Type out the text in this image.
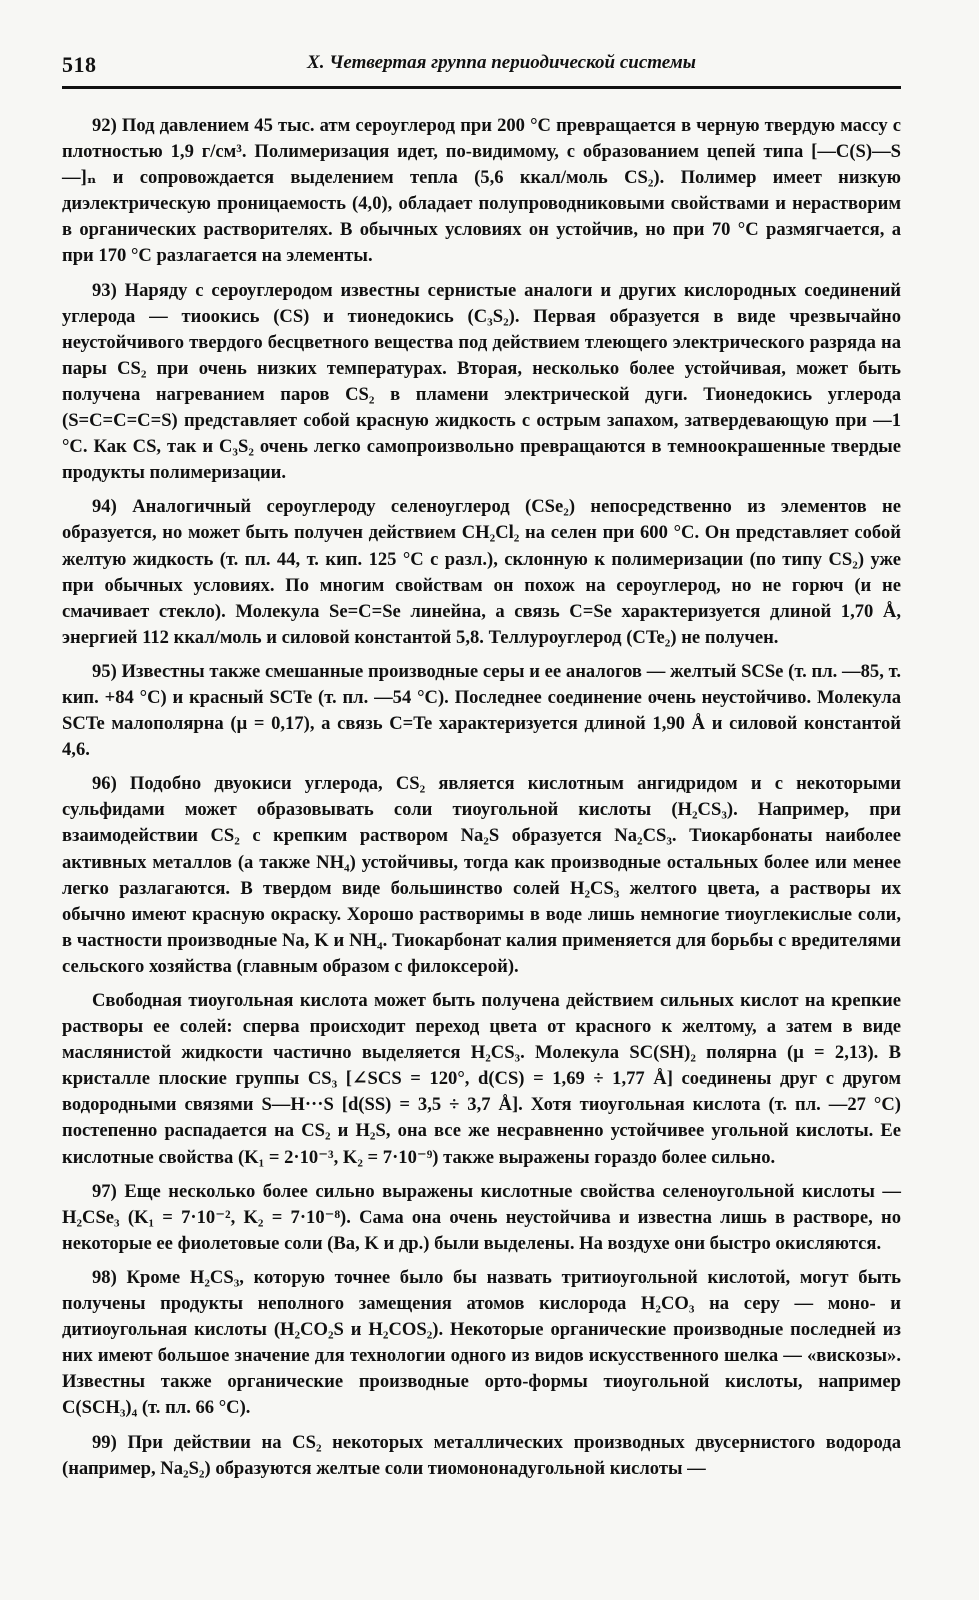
518	X. Четвертая группа периодической системы

92) Под давлением 45 тыс. атм сероуглерод при 200 °С превращается в черную твердую массу с плотностью 1,9 г/см³. Полимеризация идет, по-видимому, с образованием цепей типа [—C(S)—S—]ₙ и сопровождается выделением тепла (5,6 ккал/моль CS₂). Полимер имеет низкую диэлектрическую проницаемость (4,0), обладает полупроводниковыми свойствами и нерастворим в органических растворителях. В обычных условиях он устойчив, но при 70 °С размягчается, а при 170 °С разлагается на элементы.

93) Наряду с сероуглеродом известны сернистые аналоги и других кислородных соединений углерода — тиоокись (CS) и тионедокись (C₃S₂). Первая образуется в виде чрезвычайно неустойчивого твердого бесцветного вещества под действием тлеющего электрического разряда на пары CS₂ при очень низких температурах. Вторая, несколько более устойчивая, может быть получена нагреванием паров CS₂ в пламени электрической дуги. Тионедокись углерода (S=C=C=C=S) представляет собой красную жидкость с острым запахом, затвердевающую при —1 °С. Как CS, так и C₃S₂ очень легко самопроизвольно превращаются в темноокрашенные твердые продукты полимеризации.

94) Аналогичный сероуглероду селеноуглерод (CSe₂) непосредственно из элементов не образуется, но может быть получен действием CH₂Cl₂ на селен при 600 °С. Он представляет собой желтую жидкость (т. пл. 44, т. кип. 125 °С с разл.), склонную к полимеризации (по типу CS₂) уже при обычных условиях. По многим свойствам он похож на сероуглерод, но не горюч (и не смачивает стекло). Молекула Se=C=Se линейна, а связь C=Se характеризуется длиной 1,70 Å, энергией 112 ккал/моль и силовой константой 5,8. Теллуроуглерод (CTe₂) не получен.

95) Известны также смешанные производные серы и ее аналогов — желтый SCSe (т. пл. —85, т. кип. +84 °С) и красный SCTe (т. пл. —54 °С). Последнее соединение очень неустойчиво. Молекула SCTe малополярна (μ = 0,17), а связь C=Te характеризуется длиной 1,90 Å и силовой константой 4,6.

96) Подобно двуокиси углерода, CS₂ является кислотным ангидридом и с некоторыми сульфидами может образовывать соли тиоугольной кислоты (H₂CS₃). Например, при взаимодействии CS₂ с крепким раствором Na₂S образуется Na₂CS₃. Тиокарбонаты наиболее активных металлов (а также NH₄) устойчивы, тогда как производные остальных более или менее легко разлагаются. В твердом виде большинство солей H₂CS₃ желтого цвета, а растворы их обычно имеют красную окраску. Хорошо растворимы в воде лишь немногие тиоуглекислые соли, в частности производные Na, K и NH₄. Тиокарбонат калия применяется для борьбы с вредителями сельского хозяйства (главным образом с филоксерой).

Свободная тиоугольная кислота может быть получена действием сильных кислот на крепкие растворы ее солей: сперва происходит переход цвета от красного к желтому, а затем в виде маслянистой жидкости частично выделяется H₂CS₃. Молекула SC(SH)₂ полярна (μ = 2,13). В кристалле плоские группы CS₃ [∠SCS = 120°, d(CS) = 1,69 ÷ 1,77 Å] соединены друг с другом водородными связями S—H···S [d(SS) = 3,5 ÷ 3,7 Å]. Хотя тиоугольная кислота (т. пл. —27 °С) постепенно распадается на CS₂ и H₂S, она все же несравненно устойчивее угольной кислоты. Ее кислотные свойства (K₁ = 2·10⁻³, K₂ = 7·10⁻⁹) также выражены гораздо более сильно.

97) Еще несколько более сильно выражены кислотные свойства селеноугольной кислоты — H₂CSe₃ (K₁ = 7·10⁻², K₂ = 7·10⁻⁸). Сама она очень неустойчива и известна лишь в растворе, но некоторые ее фиолетовые соли (Ba, K и др.) были выделены. На воздухе они быстро окисляются.

98) Кроме H₂CS₃, которую точнее было бы назвать тритиоугольной кислотой, могут быть получены продукты неполного замещения атомов кислорода H₂CO₃ на серу — моно- и дитиоугольная кислоты (H₂CO₂S и H₂COS₂). Некоторые органические производные последней из них имеют большое значение для технологии одного из видов искусственного шелка — «вискозы». Известны также органические производные орто-формы тиоугольной кислоты, например C(SCH₃)₄ (т. пл. 66 °С).

99) При действии на CS₂ некоторых металлических производных двусернистого водорода (например, Na₂S₂) образуются желтые соли тиомононадугольной кислоты —
